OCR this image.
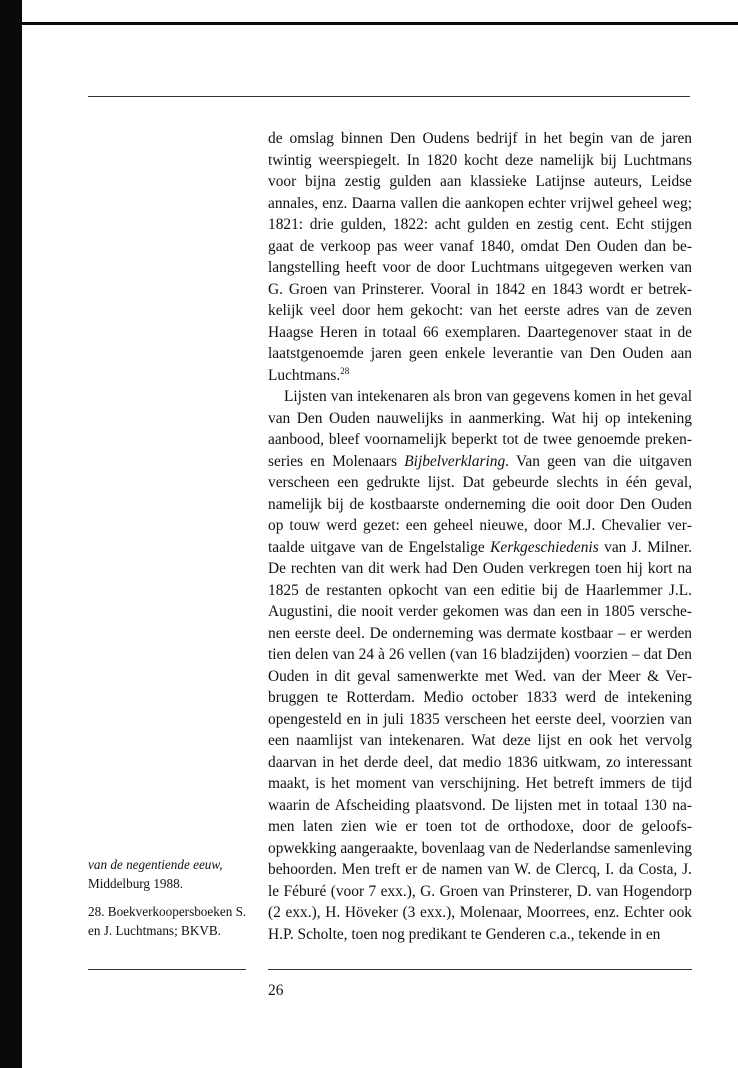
de omslag binnen Den Oudens bedrijf in het begin van de jaren twintig weerspiegelt. In 1820 kocht deze namelijk bij Luchtmans voor bijna zestig gulden aan klassieke Latijnse auteurs, Leidse annales, enz. Daarna vallen die aankopen echter vrijwel geheel weg; 1821: drie gulden, 1822: acht gulden en zestig cent. Echt stijgen gaat de verkoop pas weer vanaf 1840, omdat Den Ouden dan belangstelling heeft voor de door Luchtmans uitgegeven werken van G. Groen van Prinsterer. Vooral in 1842 en 1843 wordt er betrekkelijk veel door hem gekocht: van het eerste adres van de zeven Haagse Heren in totaal 66 exemplaren. Daartegenover staat in de laatstgenoemde jaren geen enkele leverantie van Den Ouden aan Luchtmans.$^{28}$

Lijsten van intekenaren als bron van gegevens komen in het geval van Den Ouden nauwelijks in aanmerking. Wat hij op intekening aanbood, bleef voornamelijk beperkt tot de twee genoemde prekenseries en Molenaars Bijbelverklaring. Van geen van die uitgaven verscheen een gedrukte lijst. Dat gebeurde slechts in één geval, namelijk bij de kostbaarste onderneming die ooit door Den Ouden op touw werd gezet: een geheel nieuwe, door M.J. Chevalier vertaalde uitgave van de Engelstalige Kerkgeschiedenis van J. Milner. De rechten van dit werk had Den Ouden verkregen toen hij kort na 1825 de restanten opkocht van een editie bij de Haarlemmer J.L. Augustini, die nooit verder gekomen was dan een in 1805 verschenen eerste deel. De onderneming was dermate kostbaar – er werden tien delen van 24 à 26 vellen (van 16 bladzijden) voorzien – dat Den Ouden in dit geval samenwerkte met Wed. van der Meer & Verbruggen te Rotterdam. Medio october 1833 werd de intekening opengesteld en in juli 1835 verscheen het eerste deel, voorzien van een naamlijst van intekenaren. Wat deze lijst en ook het vervolg daarvan in het derde deel, dat medio 1836 uitkwam, zo interessant maakt, is het moment van verschijning. Het betreft immers de tijd waarin de Afscheiding plaatsvond. De lijsten met in totaal 130 namen laten zien wie er toen tot de orthodoxe, door de geloofsopwekking aangeraakte, bovenlaag van de Nederlandse samenleving behoorden. Men treft er de namen van W. de Clercq, I. da Costa, J. le Féburé (voor 7 exx.), G. Groen van Prinsterer, D. van Hogendorp (2 exx.), H. Höveker (3 exx.), Molenaar, Moorrees, enz. Echter ook H.P. Scholte, toen nog predikant te Genderen c.a., tekende in en

van de negentiende eeuw,
Middelburg 1988.

28. Boekverkoopersboeken S. en J. Luchtmans; BKVB.

26
